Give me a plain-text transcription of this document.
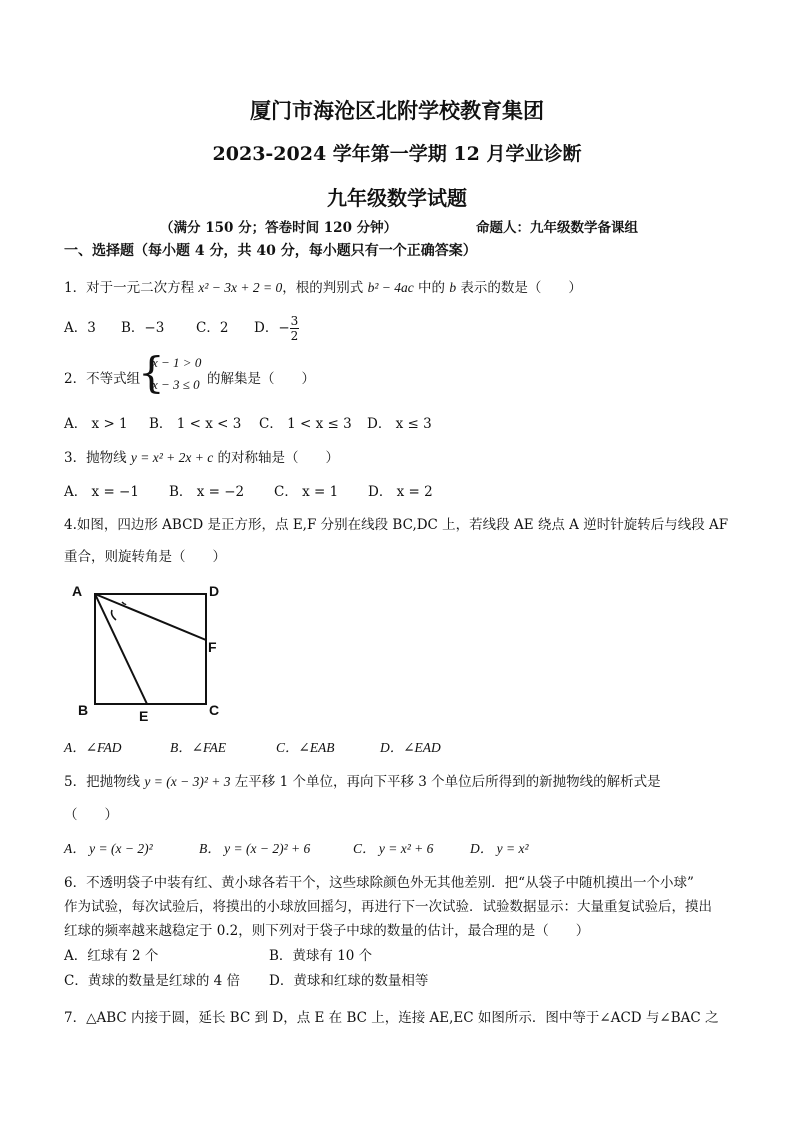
厦门市海沧区北附学校教育集团
2023-2024 学年第一学期 12 月学业诊断
九年级数学试题
（满分 150 分；答卷时间 120 分钟）	命题人：九年级数学备课组
一、选择题（每小题 4 分，共 40 分，每小题只有一个正确答案）
1．对于一元二次方程 x² − 3x + 2 = 0，根的判别式 b² − 4ac 中的 b 表示的数是（　　）
A．3 B．−3 C．2 D．− $\frac{3}{2}$
2．不等式组
{
x − 1 > 0
x − 3 ≤ 0 的解集是（　　）
A． x > 1 B． 1 < x < 3 C． 1 < x ≤ 3 D． x ≤ 3
3．抛物线 y = x² + 2x + c 的对称轴是（　　）
A． x = −1 B． x = −2 C． x = 1 D． x = 2
4.如图，四边形 ABCD 是正方形，点 E,F 分别在线段 BC,DC 上，若线段 AE 绕点 A 逆时针旋转后与线段 AF
重合，则旋转角是（　　）
A	D
F
B	E	C
A．∠FAD	B．∠FAE	C．∠EAB	D．∠EAD
5．把抛物线 y = (x − 3)² + 3 左平移 1 个单位，再向下平移 3 个单位后所得到的新抛物线的解析式是
（　　）
A． y = (x − 2)²	B． y = (x − 2)² + 6	C． y = x² + 6	D． y = x²
6．不透明袋子中装有红、黄小球各若干个，这些球除颜色外无其他差别．把“从袋子中随机摸出一个小球”
作为试验，每次试验后，将摸出的小球放回摇匀，再进行下一次试验．试验数据显示：大量重复试验后，摸出
红球的频率越来越稳定于 0.2，则下列对于袋子中球的数量的估计，最合理的是（　　）
A．红球有 2 个	B．黄球有 10 个
C．黄球的数量是红球的 4 倍 D．黄球和红球的数量相等
7．△ABC 内接于圆，延长 BC 到 D，点 E 在 BC 上，连接 AE,EC 如图所示．图中等于∠ACD 与∠BAC 之
